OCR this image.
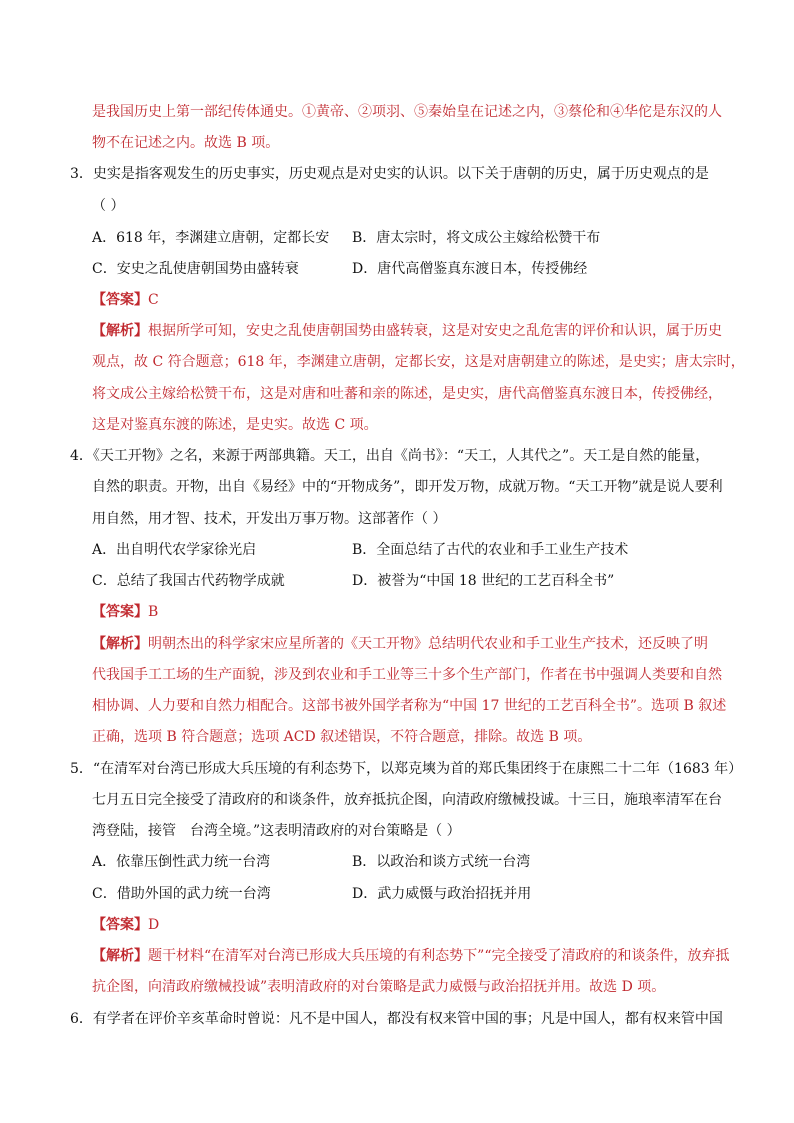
是我国历史上第一部纪传体通史。①黄帝、②项羽、⑤秦始皇在记述之内，③蔡伦和④华佗是东汉的人
物不在记述之内。故选 B 项。
3．史实是指客观发生的历史事实，历史观点是对史实的认识。以下关于唐朝的历史，属于历史观点的是
（ ）
A．618 年，李渊建立唐朝，定都长安 B．唐太宗时，将文成公主嫁给松赞干布
C．安史之乱使唐朝国势由盛转衰	D．唐代高僧鉴真东渡日本，传授佛经
【答案】C
【解析】根据所学可知，安史之乱使唐朝国势由盛转衰，这是对安史之乱危害的评价和认识，属于历史
观点，故 C 符合题意；618 年，李渊建立唐朝，定都长安，这是对唐朝建立的陈述，是史实；唐太宗时，
将文成公主嫁给松赞干布，这是对唐和吐蕃和亲的陈述，是史实，唐代高僧鉴真东渡日本，传授佛经，
这是对鉴真东渡的陈述，是史实。故选 C 项。
4．《天工开物》之名，来源于两部典籍。天工，出自《尚书》：“天工，人其代之”。天工是自然的能量，
自然的职责。开物，出自《易经》中的“开物成务”，即开发万物，成就万物。“天工开物”就是说人要利
用自然，用才智、技术，开发出万事万物。这部著作（ ）
A．出自明代农学家徐光启	B．全面总结了古代的农业和手工业生产技术
C．总结了我国古代药物学成就	D．被誉为“中国 18 世纪的工艺百科全书”
【答案】B
【解析】明朝杰出的科学家宋应星所著的《天工开物》总结明代农业和手工业生产技术，还反映了明
代我国手工工场的生产面貌，涉及到农业和手工业等三十多个生产部门，作者在书中强调人类要和自然
相协调、人力要和自然力相配合。这部书被外国学者称为“中国 17 世纪的工艺百科全书”。选项 B 叙述
正确，选项 B 符合题意；选项 ACD 叙述错误，不符合题意，排除。故选 B 项。
5．“在清军对台湾已形成大兵压境的有利态势下，以郑克塽为首的郑氏集团终于在康熙二十二年（1683 年）
七月五日完全接受了清政府的和谈条件，放弃抵抗企图，向清政府缴械投诚。十三日，施琅率清军在台
湾登陆，接管　台湾全境。”这表明清政府的对台策略是（ ）
A．依靠压倒性武力统一台湾	B．以政治和谈方式统一台湾
C．借助外国的武力统一台湾	D．武力威慑与政治招抚并用
【答案】D
【解析】题干材料“在清军对台湾已形成大兵压境的有利态势下”“完全接受了清政府的和谈条件，放弃抵
抗企图，向清政府缴械投诚”表明清政府的对台策略是武力威慑与政治招抚并用。故选 D 项。
6．有学者在评价辛亥革命时曾说：凡不是中国人，都没有权来管中国的事；凡是中国人，都有权来管中国
